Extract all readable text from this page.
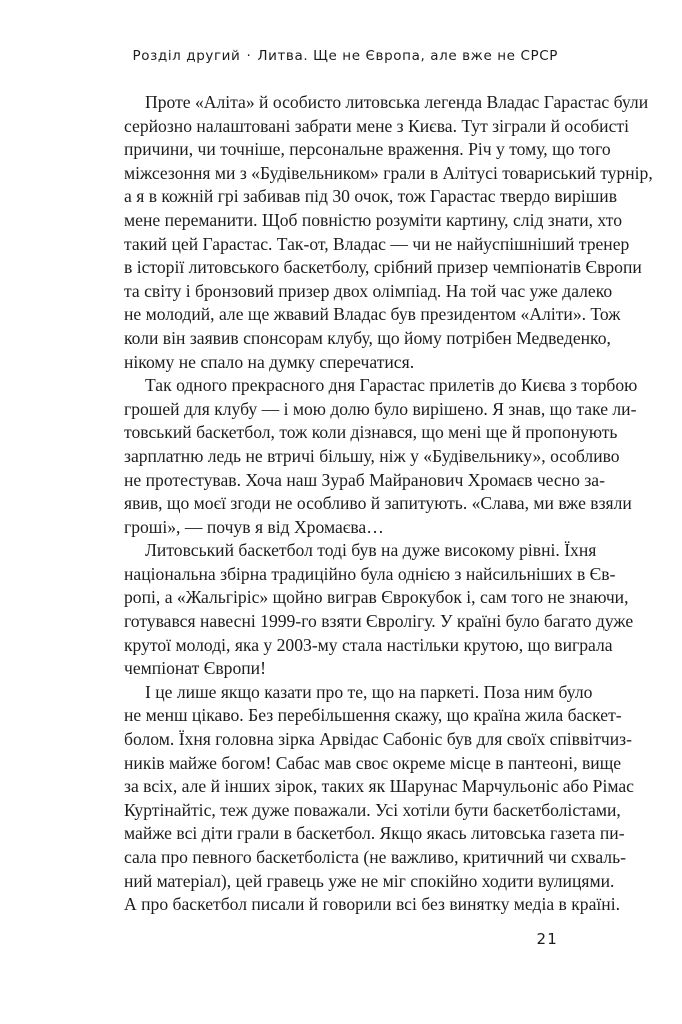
Розділ другий · Литва. Ще не Європа, але вже не СРСР

Проте «Аліта» й особисто литовська легенда Владас Гарастас були
серйозно налаштовані забрати мене з Києва. Тут зіграли й особисті
причини, чи точніше, персональне враження. Річ у тому, що того
міжсезоння ми з «Будівельником» грали в Алітусі товариський турнір,
а я в кожній грі забивав під 30 очок, тож Гарастас твердо вирішив
мене переманити. Щоб повністю розуміти картину, слід знати, хто
такий цей Гарастас. Так-от, Владас — чи не найуспішніший тренер
в історії литовського баскетболу, срібний призер чемпіонатів Європи
та світу і бронзовий призер двох олімпіад. На той час уже далеко
не молодий, але ще жвавий Владас був президентом «Аліти». Тож
коли він заявив спонсорам клубу, що йому потрібен Медведенко,
нікому не спало на думку сперечатися.

Так одного прекрасного дня Гарастас прилетів до Києва з торбою
грошей для клубу — і мою долю було вирішено. Я знав, що таке ли-
товський баскетбол, тож коли дізнався, що мені ще й пропонують
зарплатню ледь не втричі більшу, ніж у «Будівельнику», особливо
не протестував. Хоча наш Зураб Майранович Хромаєв чесно за-
явив, що моєї згоди не особливо й запитують. «Слава, ми вже взяли
гроші», — почув я від Хромаєва…

Литовський баскетбол тоді був на дуже високому рівні. Їхня
національна збірна традиційно була однією з найсильніших в Єв-
ропі, а «Жальгіріс» щойно виграв Єврокубок і, сам того не знаючи,
готувався навесні 1999-го взяти Євролігу. У країні було багато дуже
крутої молоді, яка у 2003-му стала настільки крутою, що виграла
чемпіонат Європи!

І це лише якщо казати про те, що на паркеті. Поза ним було
не менш цікаво. Без перебільшення скажу, що країна жила баскет-
болом. Їхня головна зірка Арвідас Сабоніс був для своїх співвітчиз-
ників майже богом! Сабас мав своє окреме місце в пантеоні, вище
за всіх, але й інших зірок, таких як Шарунас Марчульоніс або Рімас
Куртінайтіс, теж дуже поважали. Усі хотіли бути баскетболістами,
майже всі діти грали в баскетбол. Якщо якась литовська газета пи-
сала про певного баскетболіста (не важливо, критичний чи схваль-
ний матеріал), цей гравець уже не міг спокійно ходити вулицями.
А про баскетбол писали й говорили всі без винятку медіа в країні.

21
